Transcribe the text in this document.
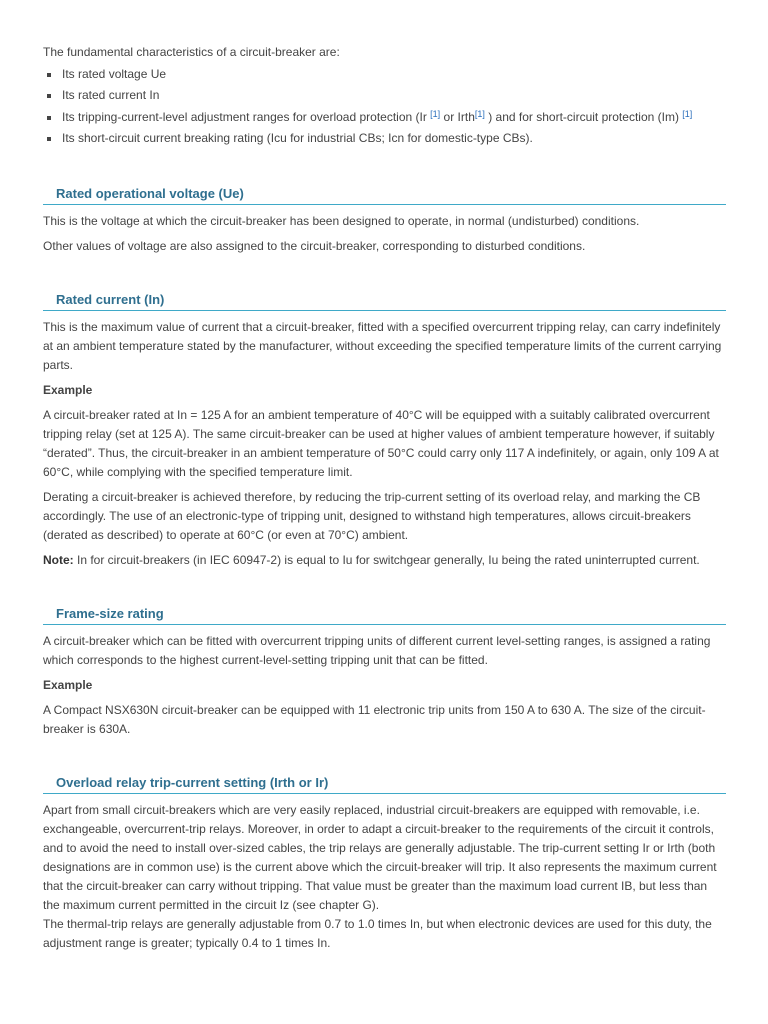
The fundamental characteristics of a circuit-breaker are:

Its rated voltage Ue
Its rated current In
Its tripping-current-level adjustment ranges for overload protection (Ir [1] or Irth[1] ) and for short-circuit protection (Im) [1]
Its short-circuit current breaking rating (Icu for industrial CBs; Icn for domestic-type CBs).
Rated operational voltage (Ue)

This is the voltage at which the circuit-breaker has been designed to operate, in normal (undisturbed) conditions.

Other values of voltage are also assigned to the circuit-breaker, corresponding to disturbed conditions.

Rated current (In)

This is the maximum value of current that a circuit-breaker, fitted with a specified overcurrent tripping relay, can carry indefinitely at an ambient temperature stated by the manufacturer, without exceeding the specified temperature limits of the current carrying parts.

Example

A circuit-breaker rated at In = 125 A for an ambient temperature of 40°C will be equipped with a suitably calibrated overcurrent tripping relay (set at 125 A). The same circuit-breaker can be used at higher values of ambient temperature however, if suitably “derated”. Thus, the circuit-breaker in an ambient temperature of 50°C could carry only 117 A indefinitely, or again, only 109 A at 60°C, while complying with the specified temperature limit.

Derating a circuit-breaker is achieved therefore, by reducing the trip-current setting of its overload relay, and marking the CB accordingly. The use of an electronic-type of tripping unit, designed to withstand high temperatures, allows circuit-breakers (derated as described) to operate at 60°C (or even at 70°C) ambient.

Note: In for circuit-breakers (in IEC 60947-2) is equal to Iu for switchgear generally, Iu being the rated uninterrupted current.

Frame-size rating

A circuit-breaker which can be fitted with overcurrent tripping units of different current level-setting ranges, is assigned a rating which corresponds to the highest current-level-setting tripping unit that can be fitted.

Example

A Compact NSX630N circuit-breaker can be equipped with 11 electronic trip units from 150 A to 630 A. The size of the circuit-breaker is 630A.

Overload relay trip-current setting (Irth or Ir)

Apart from small circuit-breakers which are very easily replaced, industrial circuit-breakers are equipped with removable, i.e. exchangeable, overcurrent-trip relays. Moreover, in order to adapt a circuit-breaker to the requirements of the circuit it controls, and to avoid the need to install over-sized cables, the trip relays are generally adjustable. The trip-current setting Ir or Irth (both designations are in common use) is the current above which the circuit-breaker will trip. It also represents the maximum current that the circuit-breaker can carry without tripping. That value must be greater than the maximum load current IB, but less than the maximum current permitted in the circuit Iz (see chapter G).

The thermal-trip relays are generally adjustable from 0.7 to 1.0 times In, but when electronic devices are used for this duty, the adjustment range is greater; typically 0.4 to 1 times In.
